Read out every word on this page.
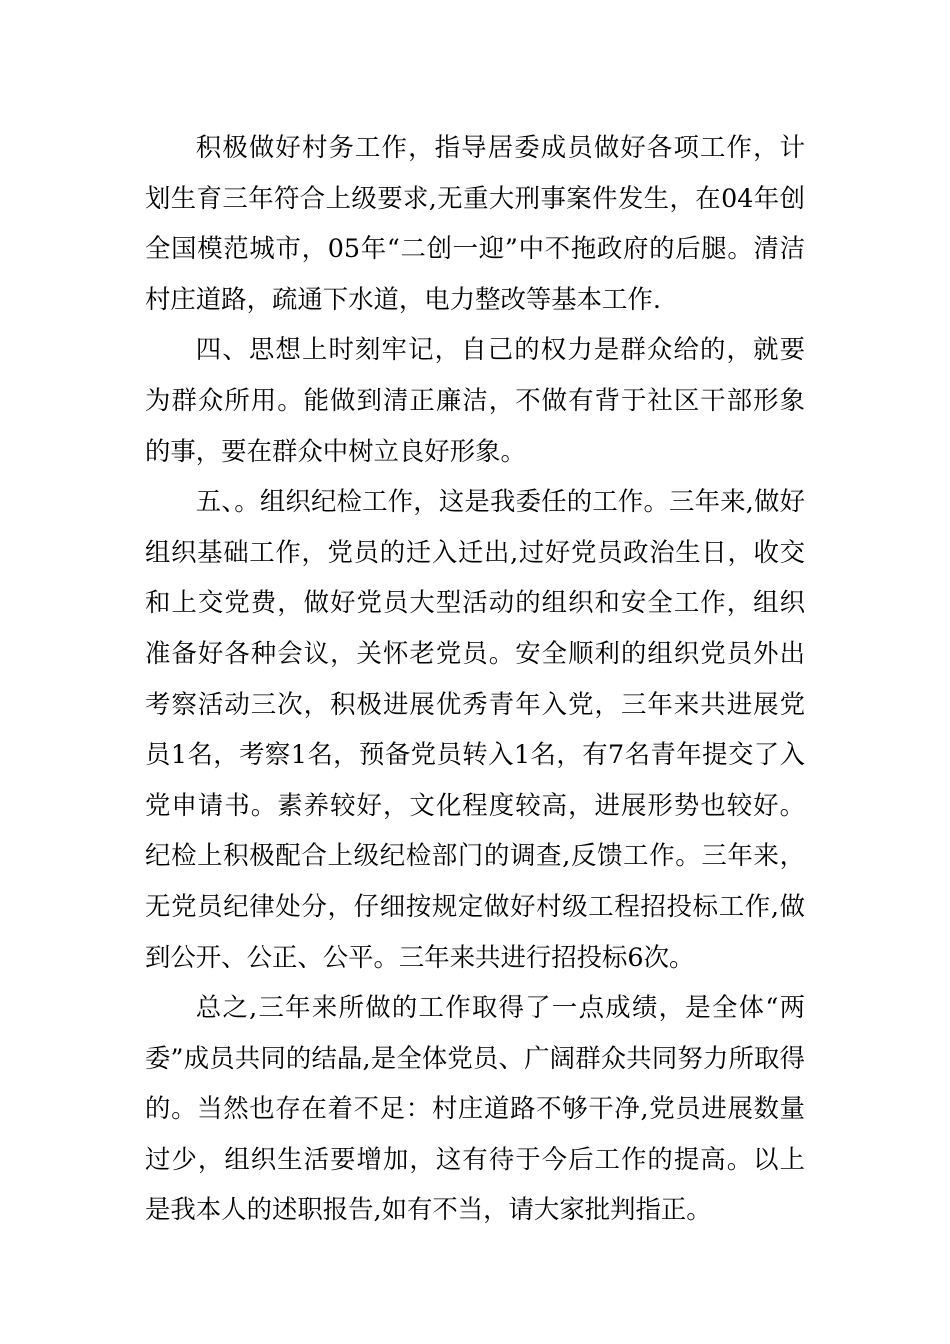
积极做好村务工作，指导居委成员做好各项工作，计划生育三年符合上级要求,无重大刑事案件发生，在04年创全国模范城市，05年“二创一迎”中不拖政府的后腿。清洁村庄道路，疏通下水道，电力整改等基本工作.

四、思想上时刻牢记，自己的权力是群众给的，就要为群众所用。能做到清正廉洁，不做有背于社区干部形象的事，要在群众中树立良好形象。

五、。组织纪检工作，这是我委任的工作。三年来,做好组织基础工作，党员的迁入迁出,过好党员政治生日，收交和上交党费，做好党员大型活动的组织和安全工作，组织准备好各种会议，关怀老党员。安全顺利的组织党员外出考察活动三次，积极进展优秀青年入党，三年来共进展党员1名，考察1名，预备党员转入1名，有7名青年提交了入党申请书。素养较好，文化程度较高，进展形势也较好。 纪检上积极配合上级纪检部门的调查,反馈工作。三年来，无党员纪律处分，仔细按规定做好村级工程招投标工作,做到公开、公正、公平。三年来共进行招投标6次。

总之,三年来所做的工作取得了一点成绩，是全体“两委”成员共同的结晶,是全体党员、广阔群众共同努力所取得的。当然也存在着不足：村庄道路不够干净,党员进展数量过少，组织生活要增加，这有待于今后工作的提高。以上是我本人的述职报告,如有不当，请大家批判指正。
